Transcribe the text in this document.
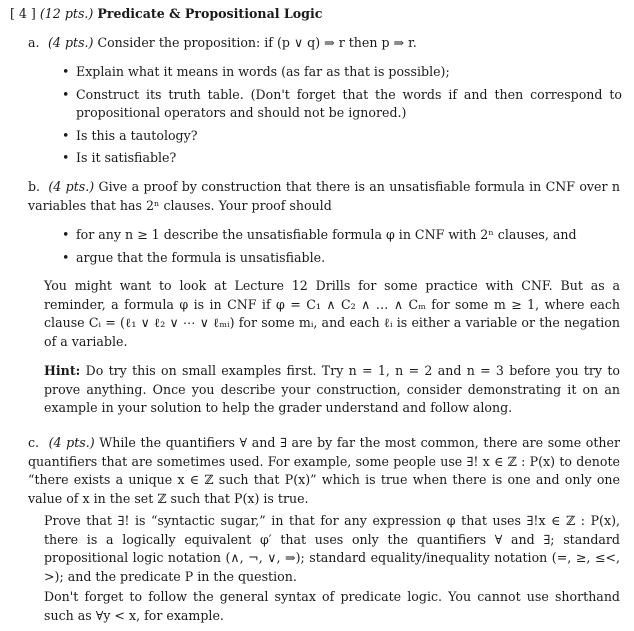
[ 4 ] (12 pts.) Predicate & Propositional Logic
a. (4 pts.) Consider the proposition: if (p ∨ q) ⇒ r then p ⇒ r.
• Explain what it means in words (as far as that is possible);
• Construct its truth table. (Don't forget that the words if and then correspond to propositional operators and should not be ignored.)
• Is this a tautology?
• Is it satisfiable?
b. (4 pts.) Give a proof by construction that there is an unsatisfiable formula in CNF over n variables that has 2ⁿ clauses. Your proof should
• for any n ≥ 1 describe the unsatisfiable formula φ in CNF with 2ⁿ clauses, and
• argue that the formula is unsatisfiable.
You might want to look at Lecture 12 Drills for some practice with CNF. But as a reminder, a formula φ is in CNF if φ = C₁ ∧ C₂ ∧ … ∧ Cₘ for some m ≥ 1, where each clause Cᵢ = (ℓ₁ ∨ ℓ₂ ∨ ⋯ ∨ ℓₘᵢ) for some mᵢ, and each ℓᵢ is either a variable or the negation of a variable.
Hint: Do try this on small examples first. Try n = 1, n = 2 and n = 3 before you try to prove anything. Once you describe your construction, consider demonstrating it on an example in your solution to help the grader understand and follow along.
c. (4 pts.) While the quantifiers ∀ and ∃ are by far the most common, there are some other quantifiers that are sometimes used. For example, some people use ∃! x ∈ ℤ : P(x) to denote “there exists a unique x ∈ ℤ such that P(x)” which is true when there is one and only one value of x in the set ℤ such that P(x) is true.
Prove that ∃! is “syntactic sugar,” in that for any expression φ that uses ∃!x ∈ ℤ : P(x), there is a logically equivalent φ′ that uses only the quantifiers ∀ and ∃; standard propositional logic notation (∧, ¬, ∨, ⇒); standard equality/inequality notation (=, ≥, ≤<, >); and the predicate P in the question.
Don't forget to follow the general syntax of predicate logic. You cannot use shorthand such as ∀y < x, for example.
